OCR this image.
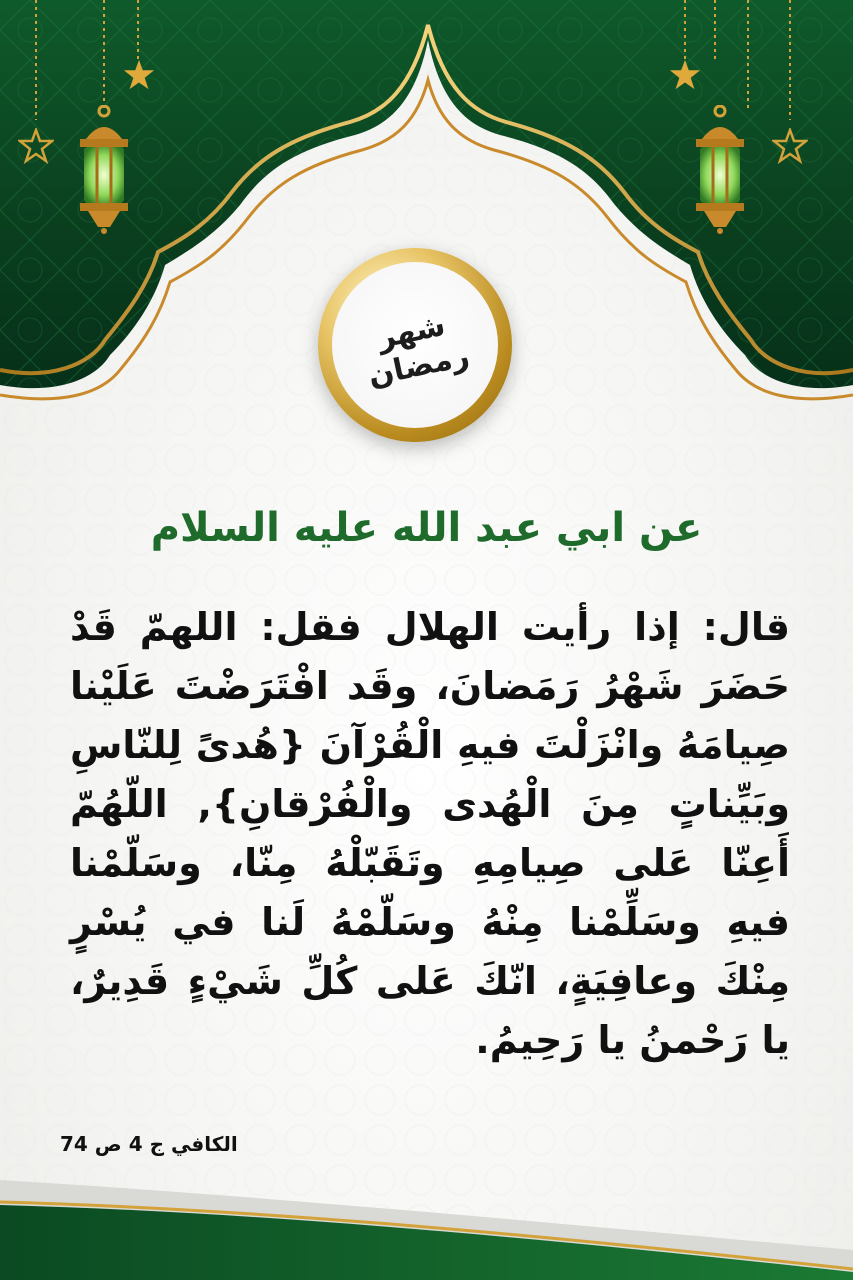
شهر رمضان
عن ابي عبد الله عليه السلام
قال: إذا رأيت الهلال فقل: اللهمّ قَدْ حَضَرَ شَهْرُ رَمَضانَ، وقَد افْتَرَضْتَ عَلَيْنا صِيامَهُ وانْزَلْتَ فيهِ الْقُرْآنَ {هُدىً لِلنّاسِ وبَيِّناتٍ مِنَ الْهُدى والْفُرْقانِ}, اللّهُمّ أَعِنّا عَلى صِيامِهِ وتَقَبّلْهُ مِنّا، وسَلّمْنا فيهِ وسَلِّمْنا مِنْهُ وسَلّمْهُ لَنا في يُسْرٍ مِنْكَ وعافِيَةٍ، انّكَ عَلى كُلِّ شَيْءٍ قَدِيرٌ، يا رَحْمنُ يا رَحِيمُ.
الكافي ج 4 ص 74
